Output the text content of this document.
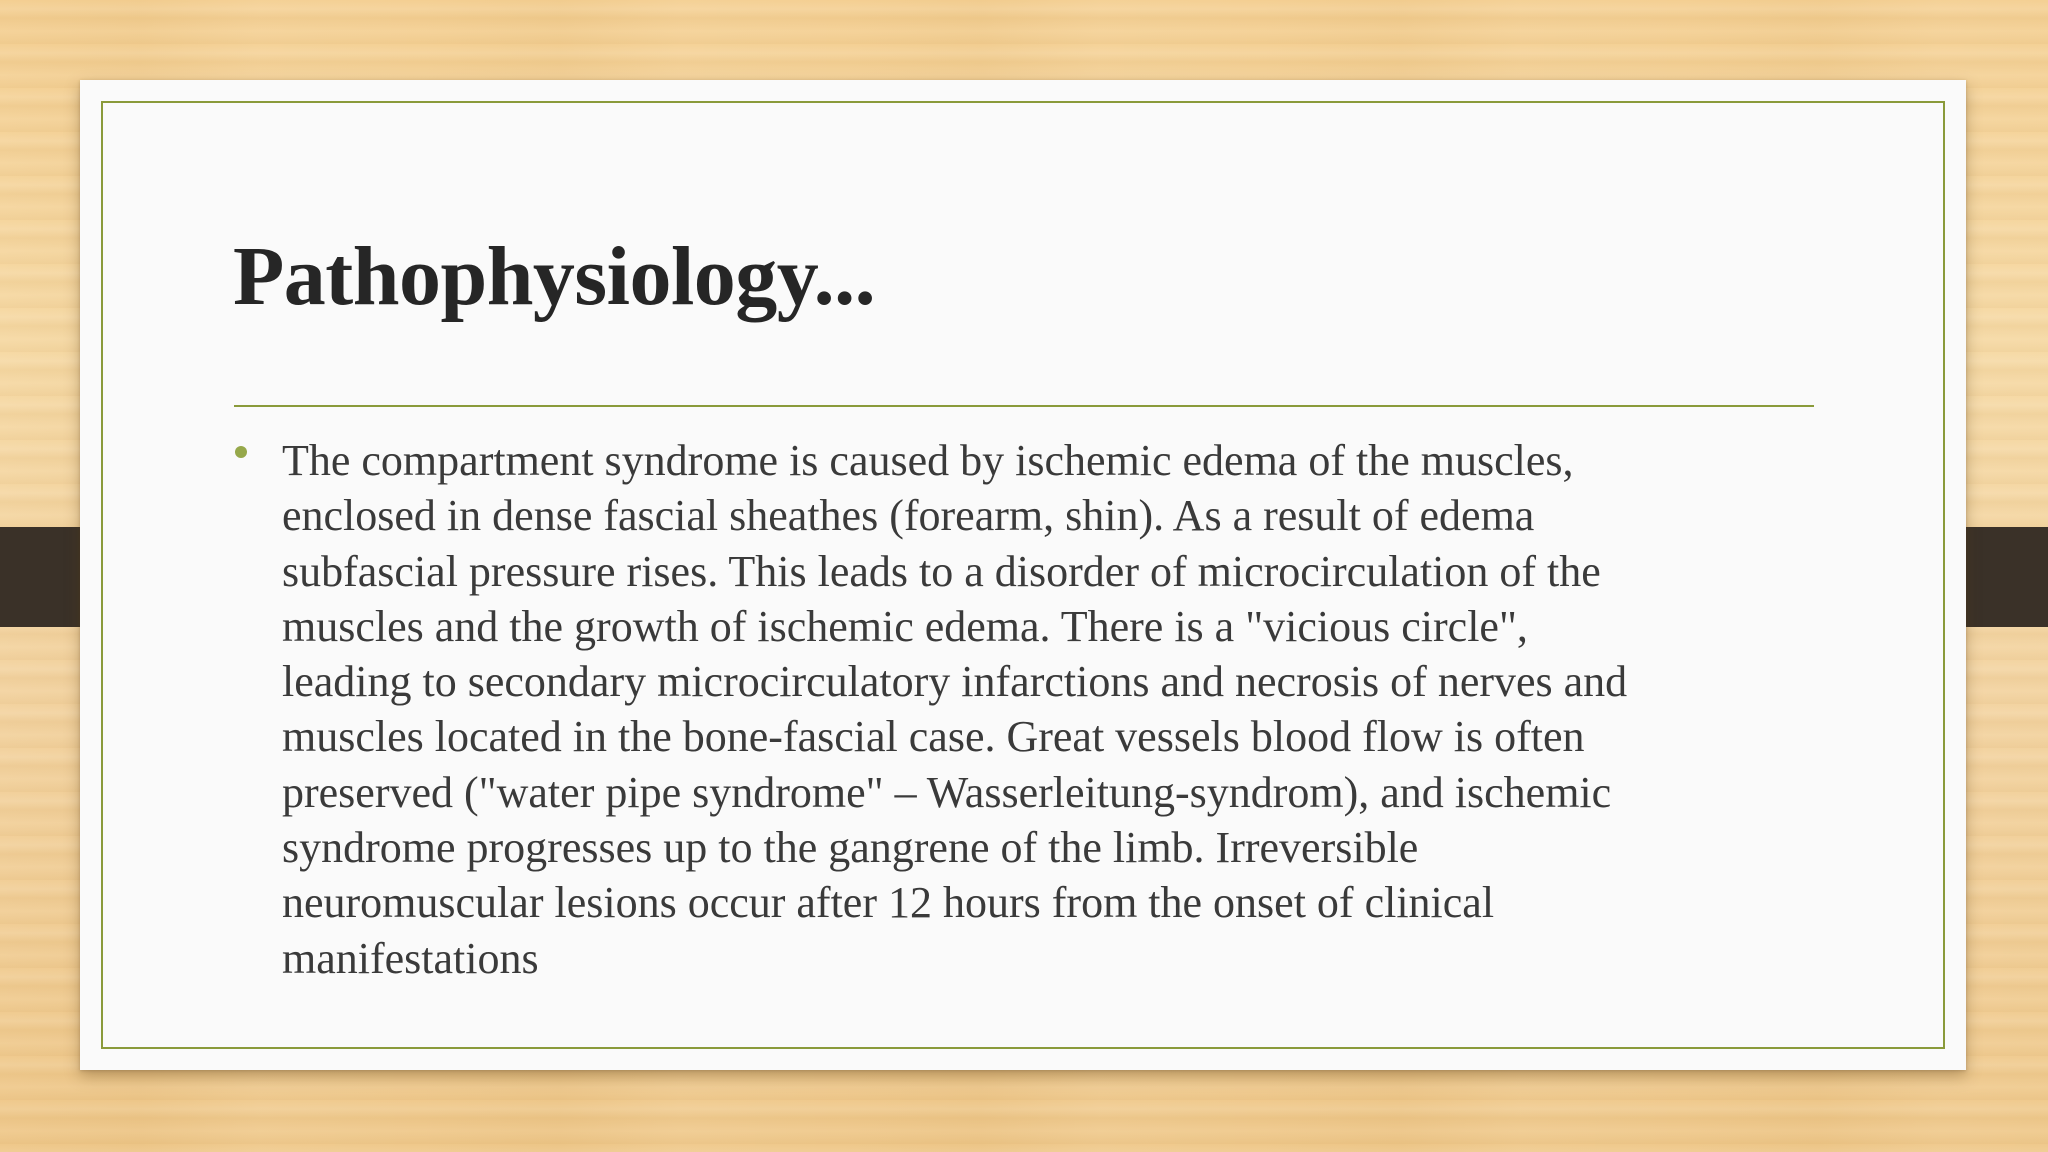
Pathophysiology...

The compartment syndrome is caused by ischemic edema of the muscles,
enclosed in dense fascial sheathes (forearm, shin). As a result of edema
subfascial pressure rises. This leads to a disorder of microcirculation of the
muscles and the growth of ischemic edema. There is a "vicious circle",
leading to secondary microcirculatory infarctions and necrosis of nerves and
muscles located in the bone-fascial case. Great vessels blood flow is often
preserved ("water pipe syndrome" – Wasserleitung-syndrom), and ischemic
syndrome progresses up to the gangrene of the limb. Irreversible
neuromuscular lesions occur after 12 hours from the onset of clinical
manifestations
